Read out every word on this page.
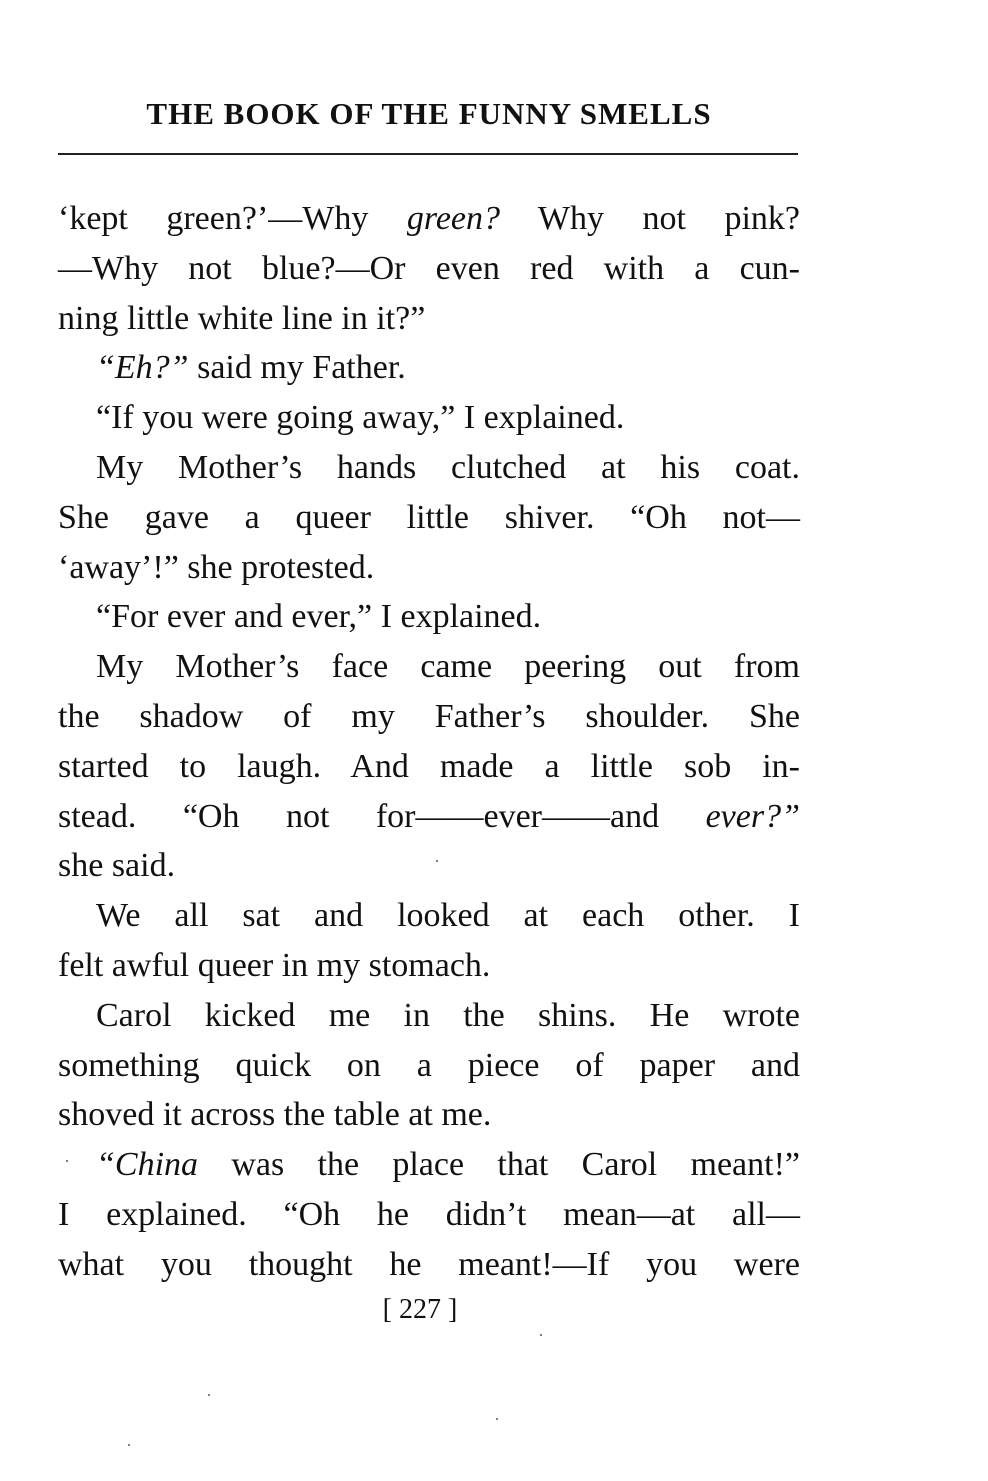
THE BOOK OF THE FUNNY SMELLS
‘kept green?’—Why green? Why not pink?
—Why not blue?—Or even red with a cun-
ning little white line in it?”
“Eh?” said my Father.
“If you were going away,” I explained.
My Mother’s hands clutched at his coat.
She gave a queer little shiver. “Oh not—
‘away’!” she protested.
“For ever and ever,” I explained.
My Mother’s face came peering out from
the shadow of my Father’s shoulder. She
started to laugh. And made a little sob in-
stead. “Oh not for——ever——and ever?”
she said.
We all sat and looked at each other. I
felt awful queer in my stomach.
Carol kicked me in the shins. He wrote
something quick on a piece of paper and
shoved it across the table at me.
“China was the place that Carol meant!”
I explained. “Oh he didn’t mean—at all—
what you thought he meant!—If you were
[ 227 ]
